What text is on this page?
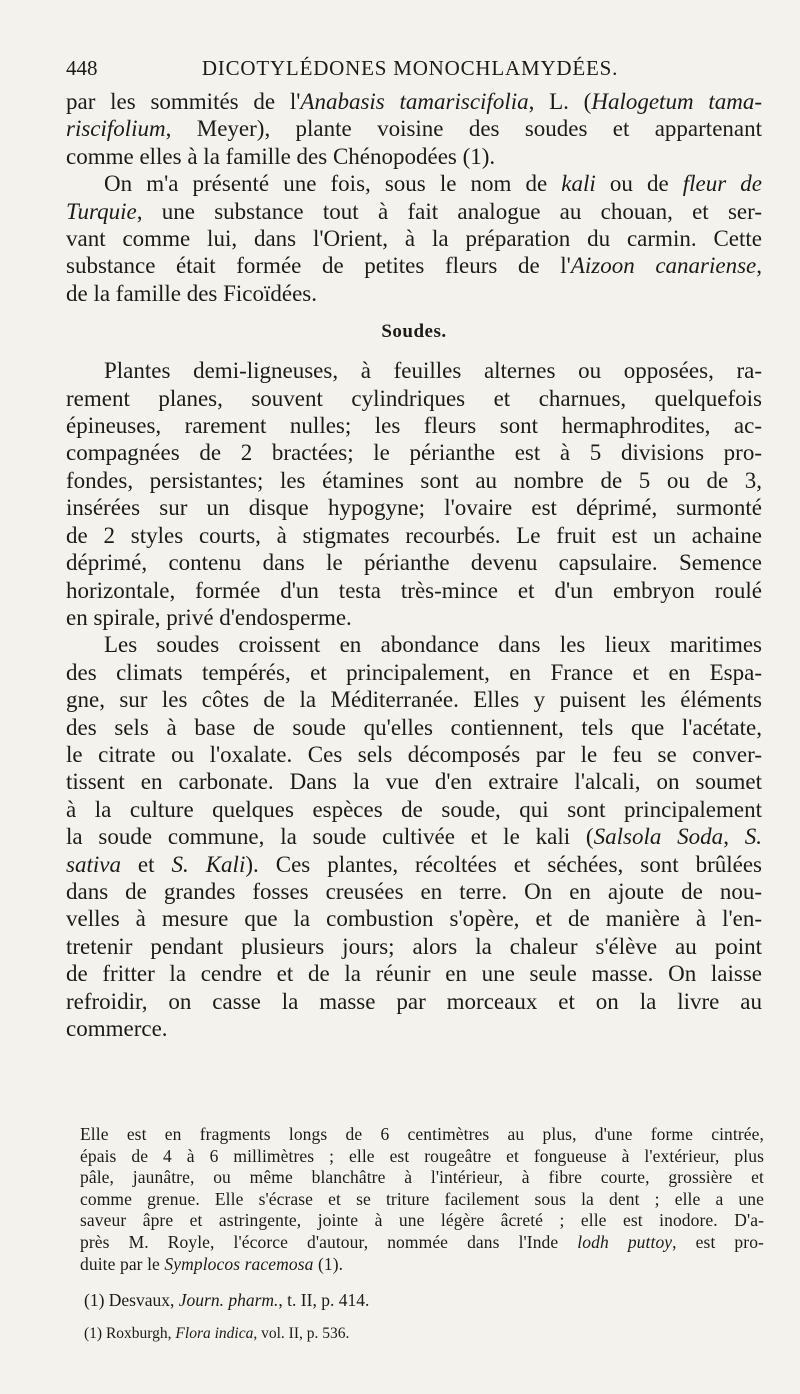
448	DICOTYLÉDONES MONOCHLAMYDÉES.
par les sommités de l'Anabasis tamariscifolia, L. (Halogetum tama-
riscifolium, Meyer), plante voisine des soudes et appartenant
comme elles à la famille des Chénopodées (1).
On m'a présenté une fois, sous le nom de kali ou de fleur de
Turquie, une substance tout à fait analogue au chouan, et ser-
vant comme lui, dans l'Orient, à la préparation du carmin. Cette
substance était formée de petites fleurs de l'Aizoon canariense,
de la famille des Ficoïdées.
Soudes.
Plantes demi-ligneuses, à feuilles alternes ou opposées, ra-
rement planes, souvent cylindriques et charnues, quelquefois
épineuses, rarement nulles; les fleurs sont hermaphrodites, ac-
compagnées de 2 bractées; le périanthe est à 5 divisions pro-
fondes, persistantes; les étamines sont au nombre de 5 ou de 3,
insérées sur un disque hypogyne; l'ovaire est déprimé, surmonté
de 2 styles courts, à stigmates recourbés. Le fruit est un achaine
déprimé, contenu dans le périanthe devenu capsulaire. Semence
horizontale, formée d'un testa très-mince et d'un embryon roulé
en spirale, privé d'endosperme.
Les soudes croissent en abondance dans les lieux maritimes
des climats tempérés, et principalement, en France et en Espa-
gne, sur les côtes de la Méditerranée. Elles y puisent les éléments
des sels à base de soude qu'elles contiennent, tels que l'acétate,
le citrate ou l'oxalate. Ces sels décomposés par le feu se conver-
tissent en carbonate. Dans la vue d'en extraire l'alcali, on soumet
à la culture quelques espèces de soude, qui sont principalement
la soude commune, la soude cultivée et le kali (Salsola Soda, S.
sativa et S. Kali). Ces plantes, récoltées et séchées, sont brûlées
dans de grandes fosses creusées en terre. On en ajoute de nou-
velles à mesure que la combustion s'opère, et de manière à l'en-
tretenir pendant plusieurs jours; alors la chaleur s'élève au point
de fritter la cendre et de la réunir en une seule masse. On laisse
refroidir, on casse la masse par morceaux et on la livre au
commerce.
Elle est en fragments longs de 6 centimètres au plus, d'une forme cintrée,
épais de 4 à 6 millimètres ; elle est rougeâtre et fongueuse à l'extérieur, plus
pâle, jaunâtre, ou même blanchâtre à l'intérieur, à fibre courte, grossière et
comme grenue. Elle s'écrase et se triture facilement sous la dent ; elle a une
saveur âpre et astringente, jointe à une légère âcreté ; elle est inodore. D'a-
près M. Royle, l'écorce d'autour, nommée dans l'Inde lodh puttoy, est pro-
duite par le Symplocos racemosa (1).
(1) Desvaux, Journ. pharm., t. II, p. 414.
(1) Roxburgh, Flora indica, vol. II, p. 536.
